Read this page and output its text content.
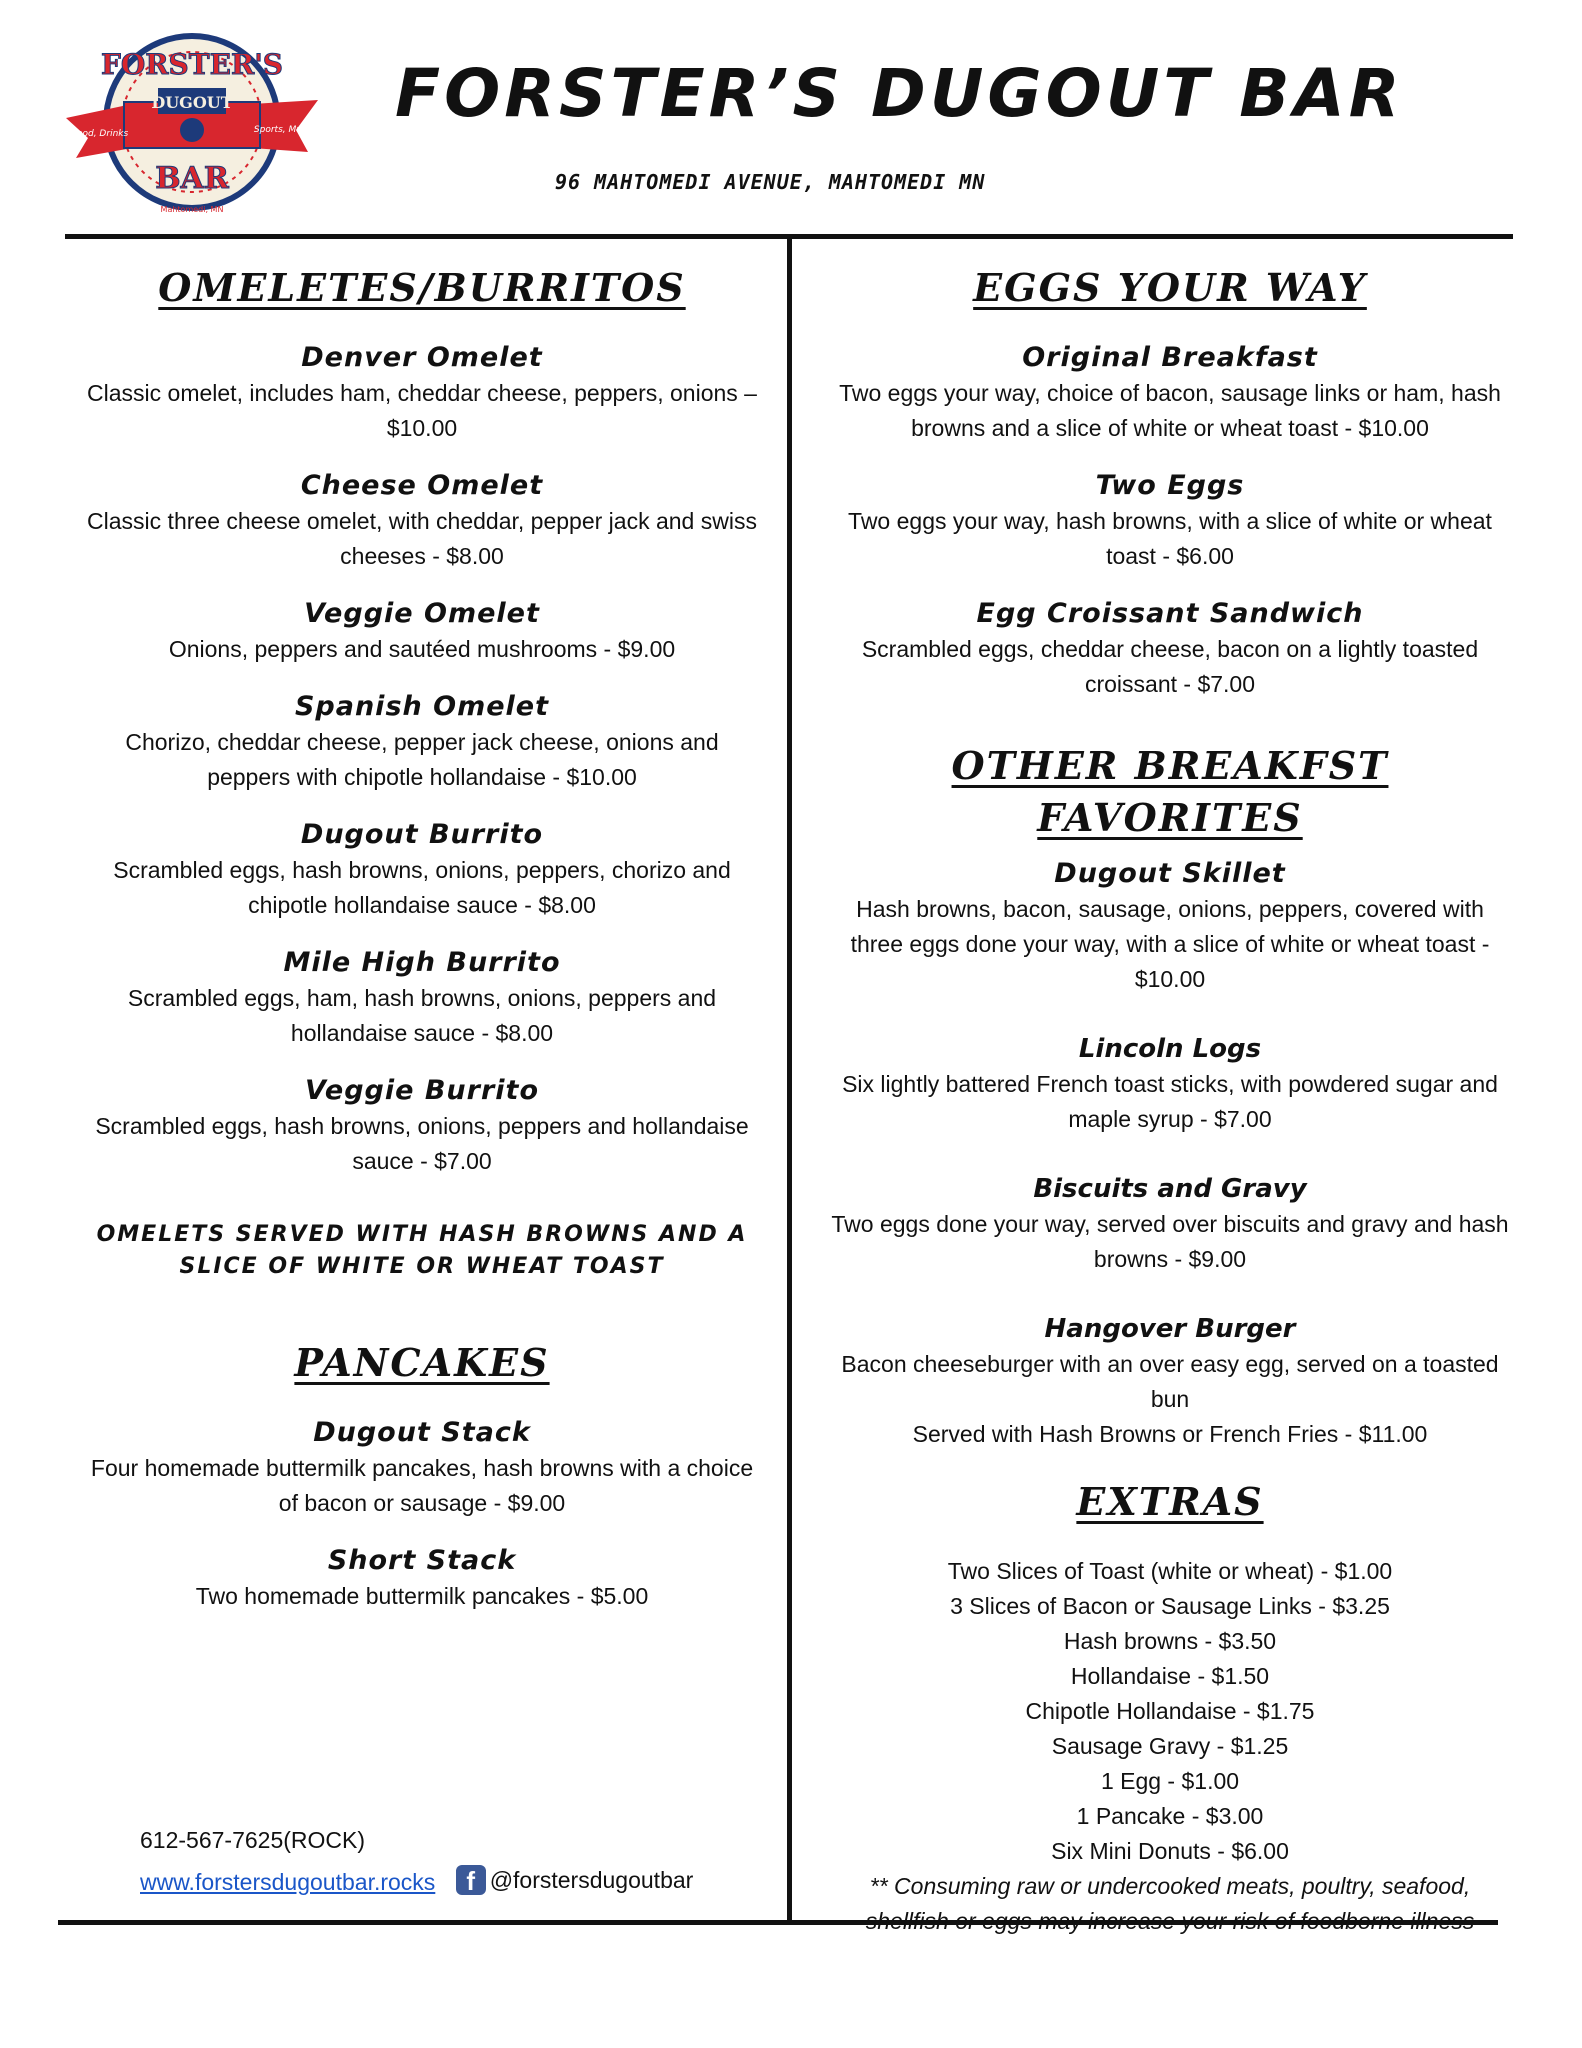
DUGOUT
FORSTER'S
BAR
Food, Drinks	Sports, Music
Mahtomedi, MN
FORSTER’S DUGOUT BAR
96 MAHTOMEDI AVENUE, MAHTOMEDI MN
OMELETES/BURRITOS
Denver Omelet
Classic omelet, includes ham, cheddar cheese, peppers, onions – $10.00
Cheese Omelet
Classic three cheese omelet, with cheddar, pepper jack and swiss cheeses - $8.00
Veggie Omelet
Onions, peppers and sautéed mushrooms - $9.00
Spanish Omelet
Chorizo, cheddar cheese, pepper jack cheese, onions and peppers with chipotle hollandaise - $10.00
Dugout Burrito
Scrambled eggs, hash browns, onions, peppers, chorizo and chipotle hollandaise sauce - $8.00
Mile High Burrito
Scrambled eggs, ham, hash browns, onions, peppers and hollandaise sauce - $8.00
Veggie Burrito
Scrambled eggs, hash browns, onions, peppers and hollandaise sauce - $7.00
OMELETS SERVED WITH HASH BROWNS AND A SLICE OF WHITE OR WHEAT TOAST
PANCAKES
Dugout Stack
Four homemade buttermilk pancakes, hash browns with a choice of bacon or sausage - $9.00
Short Stack
Two homemade buttermilk pancakes - $5.00
EGGS YOUR WAY
Original Breakfast
Two eggs your way, choice of bacon, sausage links or ham, hash browns and a slice of white or wheat toast - $10.00
Two Eggs
Two eggs your way, hash browns, with a slice of white or wheat toast - $6.00
Egg Croissant Sandwich
Scrambled eggs, cheddar cheese, bacon on a lightly toasted croissant - $7.00
OTHER BREAKFST FAVORITES
Dugout Skillet
Hash browns, bacon, sausage, onions, peppers, covered with three eggs done your way, with a slice of white or wheat toast - $10.00
Lincoln Logs
Six lightly battered French toast sticks, with powdered sugar and maple syrup - $7.00
Biscuits and Gravy
Two eggs done your way, served over biscuits and gravy and hash browns - $9.00
Hangover Burger
Bacon cheeseburger with an over easy egg, served on a toasted bun
Served with Hash Browns or French Fries - $11.00
EXTRAS
Two Slices of Toast (white or wheat) - $1.00
3 Slices of Bacon or Sausage Links - $3.25
Hash browns - $3.50
Hollandaise - $1.50
Chipotle Hollandaise - $1.75
Sausage Gravy - $1.25
1 Egg - $1.00
1 Pancake - $3.00
Six Mini Donuts - $6.00
** Consuming raw or undercooked meats, poultry, seafood, shellfish or eggs may increase your risk of foodborne illness
612-567-7625(ROCK)
www.forstersdugoutbar.rocks	f @forstersdugoutbar
